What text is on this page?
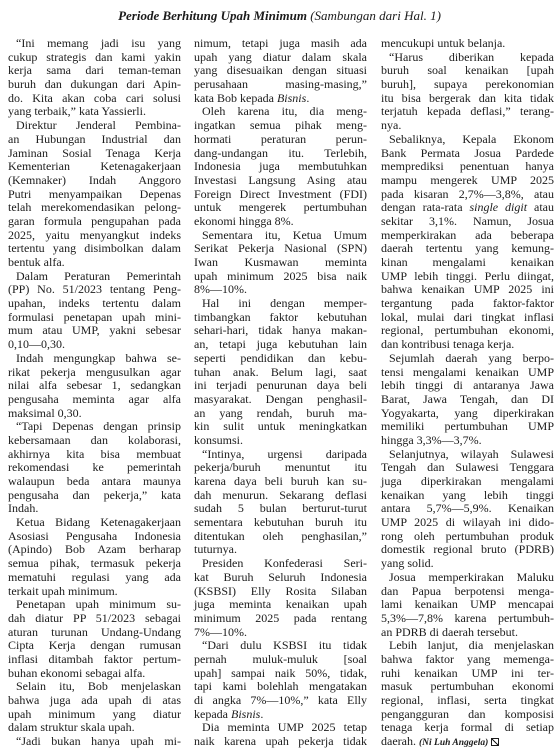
Periode Berhitung Upah Minimum (Sambungan dari Hal. 1)
“Ini memang jadi isu yang
cukup strategis dan kami yakin
kerja sama dari teman-teman
buruh dan dukungan dari Apin-
do. Kita akan coba cari solusi
yang terbaik,” kata Yassierli.
Direktur Jenderal Pembina-
an Hubungan Industrial dan
Jaminan Sosial Tenaga Kerja
Kementerian Ketenagakerjaan
(Kemnaker) Indah Anggoro
Putri menyampaikan Depenas
telah merekomendasikan pelong-
garan formula pengupahan pada
2025, yaitu menyangkut indeks
tertentu yang disimbolkan dalam
bentuk alfa.
Dalam Peraturan Pemerintah
(PP) No. 51/2023 tentang Peng-
upahan, indeks tertentu dalam
formulasi penetapan upah mini-
mum atau UMP, yakni sebesar
0,10—0,30.
Indah mengungkap bahwa se-
rikat pekerja mengusulkan agar
nilai alfa sebesar 1, sedangkan
pengusaha meminta agar alfa
maksimal 0,30.
“Tapi Depenas dengan prinsip
kebersamaan dan kolaborasi,
akhirnya kita bisa membuat
rekomendasi ke pemerintah
walaupun beda antara maunya
pengusaha dan pekerja,” kata
Indah.
Ketua Bidang Ketenagakerjaan
Asosiasi Pengusaha Indonesia
(Apindo) Bob Azam berharap
semua pihak, termasuk pekerja
mematuhi regulasi yang ada
terkait upah minimum.
Penetapan upah minimum su-
dah diatur PP 51/2023 sebagai
aturan turunan Undang-Undang
Cipta Kerja dengan rumusan
inflasi ditambah faktor pertum-
buhan ekonomi sebagai alfa.
Selain itu, Bob menjelaskan
bahwa juga ada upah di atas
upah minimum yang diatur
dalam struktur skala upah.
“Jadi bukan hanya upah mi-
nimum, tetapi juga masih ada
upah yang diatur dalam skala
yang disesuaikan dengan situasi
perusahaan masing-masing,”
kata Bob kepada Bisnis.
Oleh karena itu, dia meng-
ingatkan semua pihak meng-
hormati peraturan perun-
dang-undangan itu. Terlebih,
Indonesia juga membutuhkan
Investasi Langsung Asing atau
Foreign Direct Investment (FDI)
untuk mengerek pertumbuhan
ekonomi hingga 8%.
Sementara itu, Ketua Umum
Serikat Pekerja Nasional (SPN)
Iwan Kusmawan meminta
upah minimum 2025 bisa naik
8%—10%.
Hal ini dengan memper-
timbangkan faktor kebutuhan
sehari-hari, tidak hanya makan-
an, tetapi juga kebutuhan lain
seperti pendidikan dan kebu-
tuhan anak. Belum lagi, saat
ini terjadi penurunan daya beli
masyarakat. Dengan penghasil-
an yang rendah, buruh ma-
kin sulit untuk meningkatkan
konsumsi.
“Intinya, urgensi daripada
pekerja/buruh menuntut itu
karena daya beli buruh kan su-
dah menurun. Sekarang deflasi
sudah 5 bulan berturut-turut
sementara kebutuhan buruh itu
ditentukan oleh penghasilan,”
tuturnya.
Presiden Konfederasi Seri-
kat Buruh Seluruh Indonesia
(KSBSI) Elly Rosita Silaban
juga meminta kenaikan upah
minimum 2025 pada rentang
7%—10%.
“Dari dulu KSBSI itu tidak
pernah muluk-muluk [soal
upah] sampai naik 50%, tidak,
tapi kami bolehlah mengatakan
di angka 7%—10%,” kata Elly
kepada Bisnis.
Dia meminta UMP 2025 tetap
naik karena upah pekerja tidak
mencukupi untuk belanja.
“Harus diberikan kepada
buruh soal kenaikan [upah
buruh], supaya perekonomian
itu bisa bergerak dan kita tidak
terjatuh kepada deflasi,” terang-
nya.
Sebaliknya, Kepala Ekonom
Bank Permata Josua Pardede
memprediksi penentuan hanya
mampu mengerek UMP 2025
pada kisaran 2,7%—3,8%, atau
dengan rata-rata single digit atau
sekitar 3,1%. Namun, Josua
memperkirakan ada beberapa
daerah tertentu yang kemung-
kinan mengalami kenaikan
UMP lebih tinggi. Perlu diingat,
bahwa kenaikan UMP 2025 ini
tergantung pada faktor-faktor
lokal, mulai dari tingkat inflasi
regional, pertumbuhan ekonomi,
dan kontribusi tenaga kerja.
Sejumlah daerah yang berpo-
tensi mengalami kenaikan UMP
lebih tinggi di antaranya Jawa
Barat, Jawa Tengah, dan DI
Yogyakarta, yang diperkirakan
memiliki pertumbuhan UMP
hingga 3,3%—3,7%.
Selanjutnya, wilayah Sulawesi
Tengah dan Sulawesi Tenggara
juga diperkirakan mengalami
kenaikan yang lebih tinggi
antara 5,7%—5,9%. Kenaikan
UMP 2025 di wilayah ini dido-
rong oleh pertumbuhan produk
domestik regional bruto (PDRB)
yang solid.
Josua memperkirakan Maluku
dan Papua berpotensi menga-
lami kenaikan UMP mencapai
5,3%—7,8% karena pertumbuh-
an PDRB di daerah tersebut.
Lebih lanjut, dia menjelaskan
bahwa faktor yang memenga-
ruhi kenaikan UMP ini ter-
masuk pertumbuhan ekonomi
regional, inflasi, serta tingkat
pengangguran dan komposisi
tenaga kerja formal di setiap
daerah. (Ni Luh Anggela)
